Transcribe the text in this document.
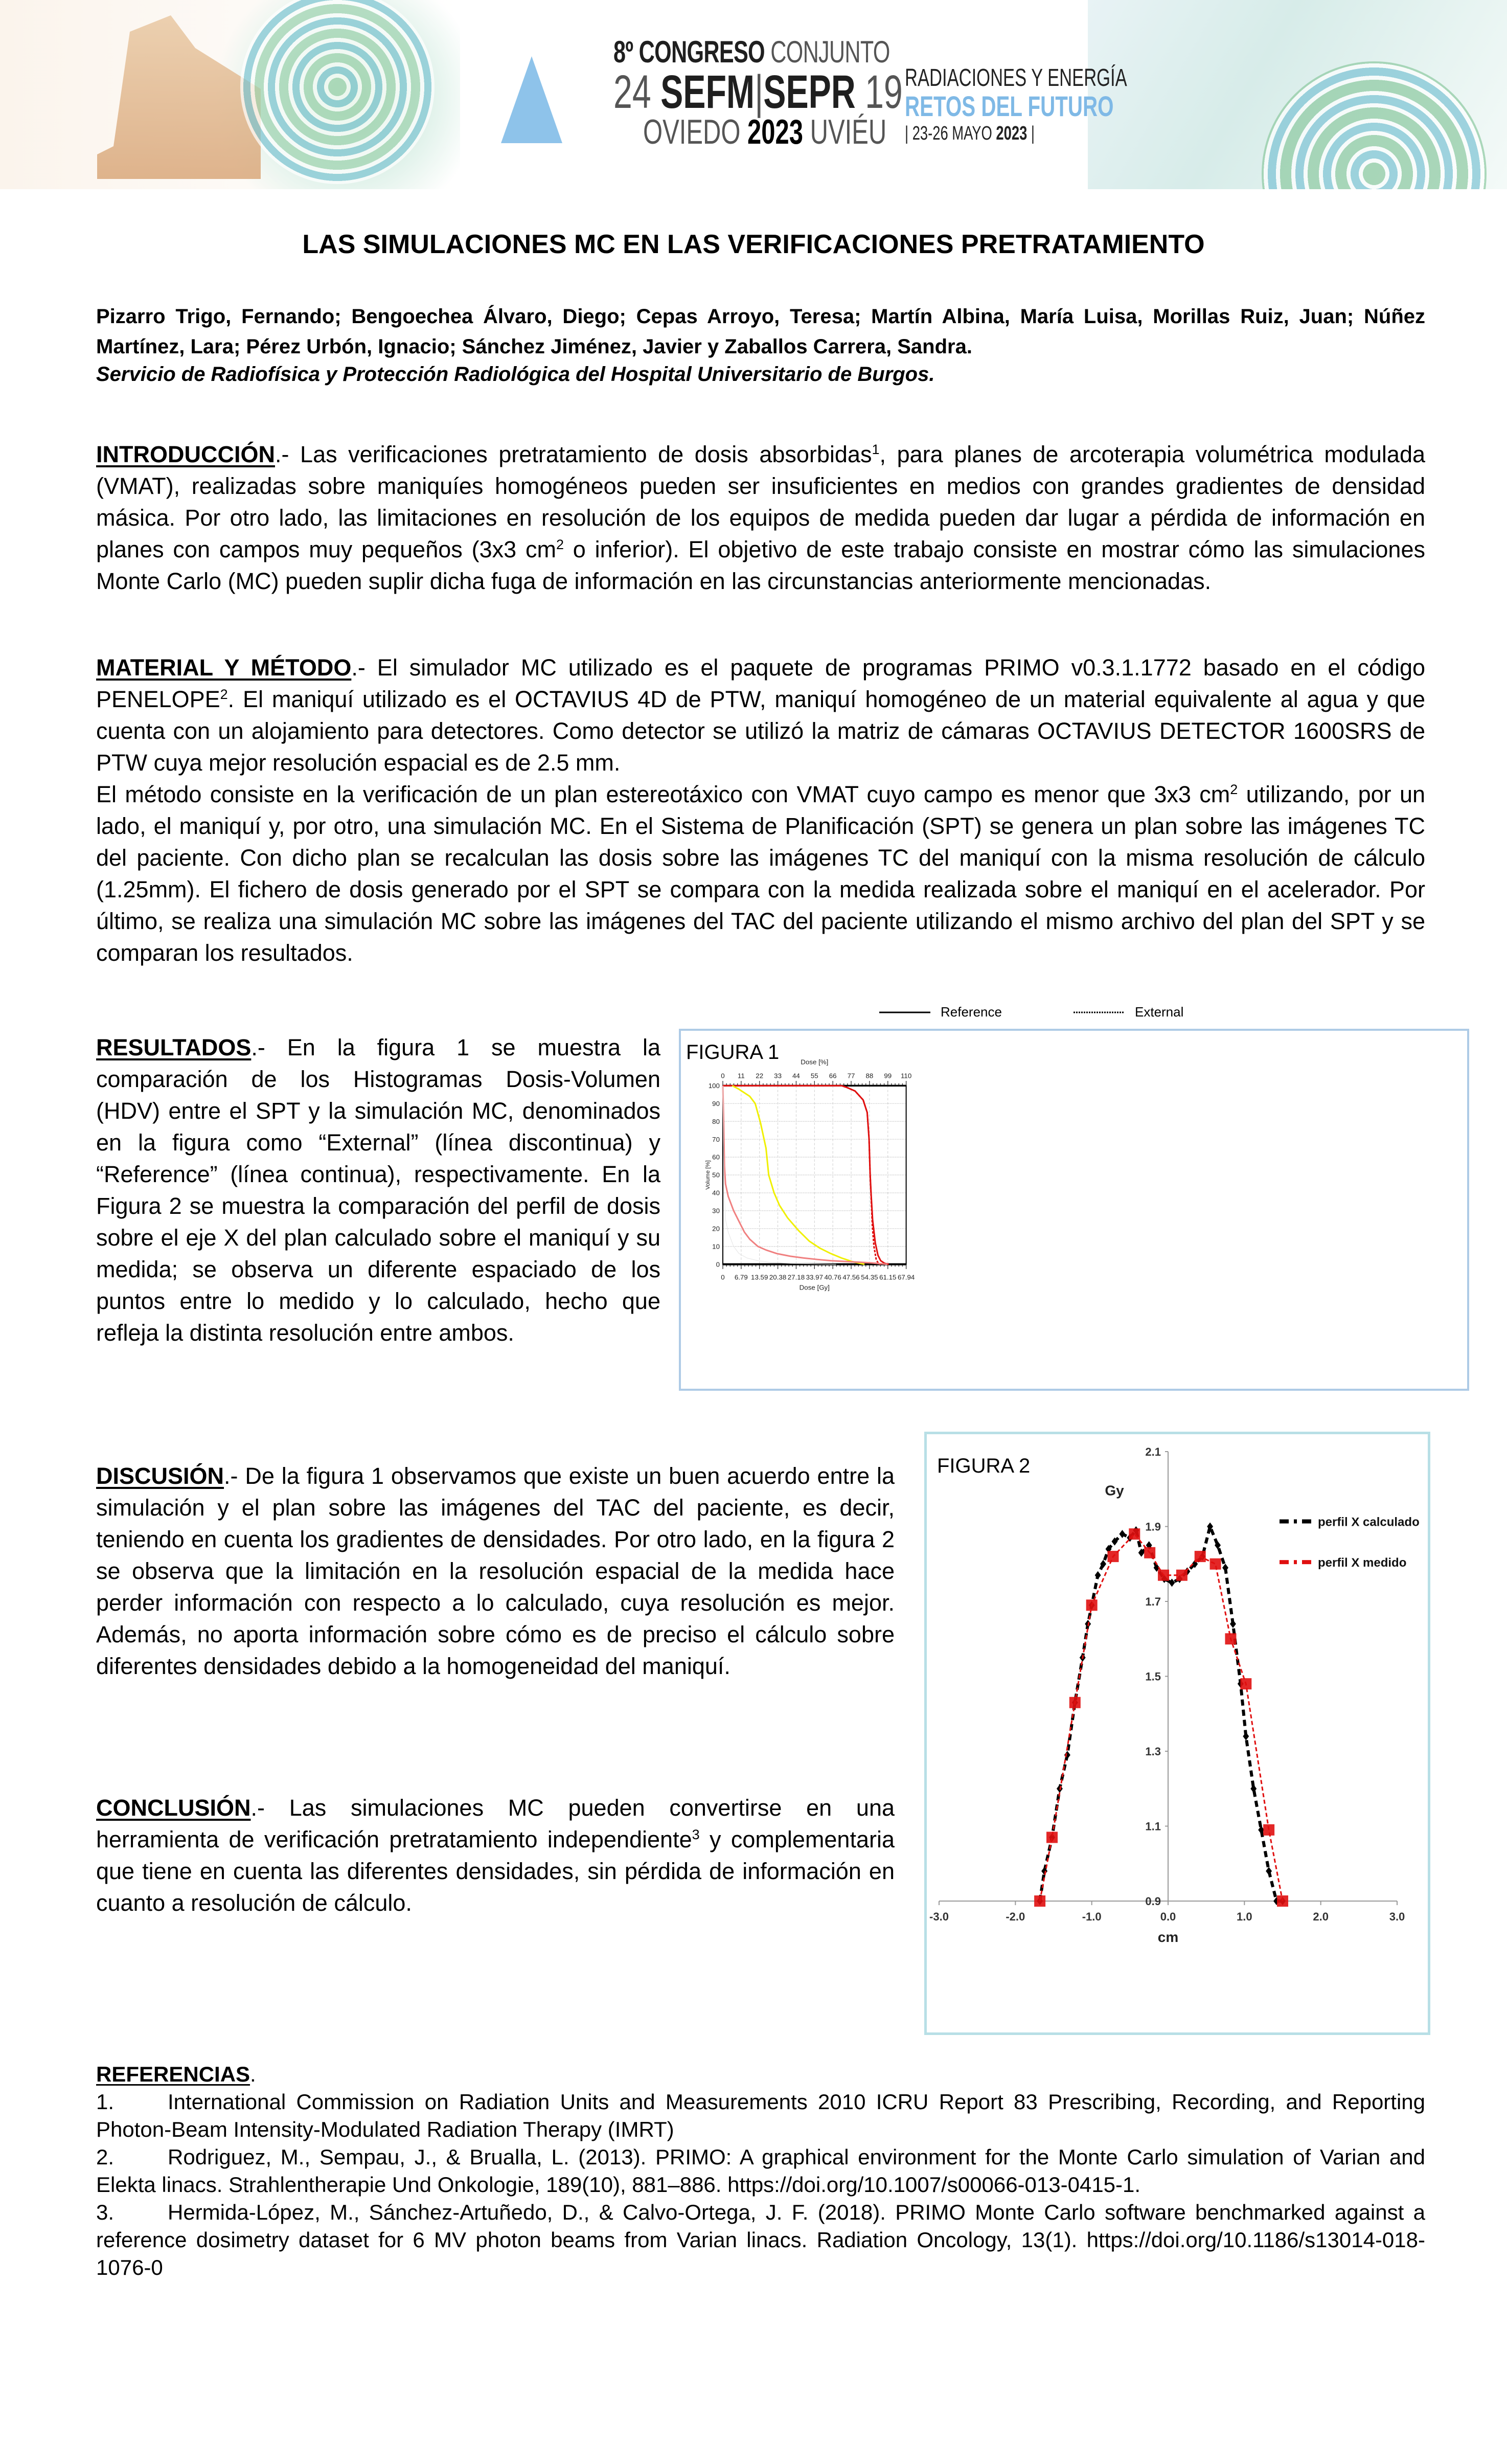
8º CONGRESO CONJUNTO
24 SEFM|SEPR 19
OVIEDO 2023 UVIÉU
RADIACIONES Y ENERGÍA
RETOS DEL FUTURO
| 23-26 MAYO 2023 |
LAS SIMULACIONES MC EN LAS VERIFICACIONES PRETRATAMIENTO
Pizarro Trigo, Fernando; Bengoechea Álvaro, Diego; Cepas Arroyo, Teresa; Martín Albina, María Luisa, Morillas Ruiz, Juan; Núñez Martínez, Lara; Pérez Urbón, Ignacio; Sánchez Jiménez, Javier y Zaballos Carrera, Sandra.
Servicio de Radiofísica y Protección Radiológica del Hospital Universitario de Burgos.
INTRODUCCIÓN.- Las verificaciones pretratamiento de dosis absorbidas$^1$, para planes de arcoterapia volumétrica modulada (VMAT), realizadas sobre maniquíes homogéneos pueden ser insuficientes en medios con grandes gradientes de densidad másica. Por otro lado, las limitaciones en resolución de los equipos de medida pueden dar lugar a pérdida de información en planes con campos muy pequeños (3x3 $cm^2$ o inferior). El objetivo de este trabajo consiste en mostrar cómo las simulaciones Monte Carlo (MC) pueden suplir dicha fuga de información en las circunstancias anteriormente mencionadas.
MATERIAL Y MÉTODO.- El simulador MC utilizado es el paquete de programas PRIMO v0.3.1.1772 basado en el código PENELOPE$^2$. El maniquí utilizado es el OCTAVIUS 4D de PTW, maniquí homogéneo de un material equivalente al agua y que cuenta con un alojamiento para detectores. Como detector se utilizó la matriz de cámaras OCTAVIUS DETECTOR 1600SRS de PTW cuya mejor resolución espacial es de 2.5 mm.
El método consiste en la verificación de un plan estereotáxico con VMAT cuyo campo es menor que 3x3 $cm^2$ utilizando, por un lado, el maniquí y, por otro, una simulación MC. En el Sistema de Planificación (SPT) se genera un plan sobre las imágenes TC del paciente. Con dicho plan se recalculan las dosis sobre las imágenes TC del maniquí con la misma resolución de cálculo (1.25mm). El fichero de dosis generado por el SPT se compara con la medida realizada sobre el maniquí en el acelerador. Por último, se realiza una simulación MC sobre las imágenes del TAC del paciente utilizando el mismo archivo del plan del SPT y se comparan los resultados.
RESULTADOS.- En la figura 1 se muestra la comparación de los Histogramas Dosis-Volumen (HDV) entre el SPT y la simulación MC, denominados en la figura como “External” (línea discontinua) y “Reference” (línea continua), respectivamente. En la Figura 2 se muestra la comparación del perfil de dosis sobre el eje X del plan calculado sobre el maniquí y su medida; se observa un diferente espaciado de los puntos entre lo medido y lo calculado, hecho que refleja la distinta resolución entre ambos.
Reference	External
FIGURA 1
0
10
20
30
40
50
60
70
80
90
100
0
0
6.79
11
13.59
22
20.38
33
27.18
44
33.97
55
40.76
66
47.56
77
54.35
88
61.15
99
67.94
110
Dose [%]
Dose [Gy]
Volume [%]
DISCUSIÓN.- De la figura 1 observamos que existe un buen acuerdo entre la simulación y el plan sobre las imágenes del TAC del paciente, es decir, teniendo en cuenta los gradientes de densidades. Por otro lado, en la figura 2 se observa que la limitación en la resolución espacial de la medida hace perder información con respecto a lo calculado, cuya resolución es mejor. Además, no aporta información sobre cómo es de preciso el cálculo sobre diferentes densidades debido a la homogeneidad del maniquí.
FIGURA 2
0.9
1.1
1.3
1.5
1.7
1.9
2.1
-3.0	-2.0	-1.0	0.0	1.0	2.0	3.0
cm
Gy
perfil X calculado
perfil X medido
CONCLUSIÓN.- Las simulaciones MC pueden convertirse en una herramienta de verificación pretratamiento independiente$^3$ y complementaria que tiene en cuenta las diferentes densidades, sin pérdida de información en cuanto a resolución de cálculo.
REFERENCIAS.

1. International Commission on Radiation Units and Measurements 2010 ICRU Report 83 Prescribing, Recording, and Reporting Photon-Beam Intensity-Modulated Radiation Therapy (IMRT)

2. Rodriguez, M., Sempau, J., & Brualla, L. (2013). PRIMO: A graphical environment for the Monte Carlo simulation of Varian and Elekta linacs. Strahlentherapie Und Onkologie, 189(10), 881–886. https://doi.org/10.1007/s00066-013-0415-1.

3. Hermida-López, M., Sánchez-Artuñedo, D., & Calvo-Ortega, J. F. (2018). PRIMO Monte Carlo software benchmarked against a reference dosimetry dataset for 6 MV photon beams from Varian linacs. Radiation Oncology, 13(1). https://doi.org/10.1186/s13014-018-1076-0
